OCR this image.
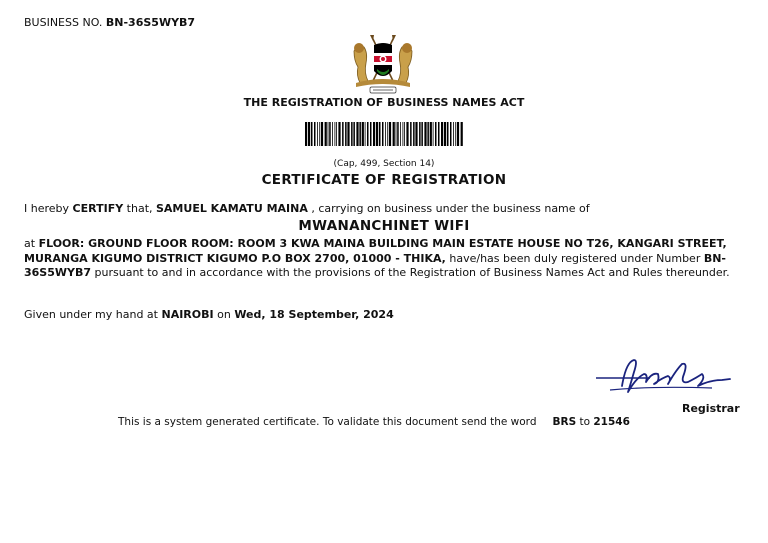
BUSINESS NO. BN-36S5WYB7
THE REGISTRATION OF BUSINESS NAMES ACT
(Cap, 499, Section 14)
CERTIFICATE OF REGISTRATION
I hereby CERTIFY that, SAMUEL KAMATU MAINA , carrying on business under the business name of
MWANANCHINET WIFI
at FLOOR: GROUND FLOOR ROOM: ROOM 3 KWA MAINA BUILDING MAIN ESTATE HOUSE NO T26, KANGARI STREET, MURANGA KIGUMO DISTRICT KIGUMO P.O BOX 2700, 01000 - THIKA, have/has been duly registered under Number BN-36S5WYB7 pursuant to and in accordance with the provisions of the Registration of Business Names Act and Rules thereunder.
Given under my hand at NAIROBI on Wed, 18 September, 2024
Registrar
This is a system generated certificate. To validate this document send the word BRS to 21546
